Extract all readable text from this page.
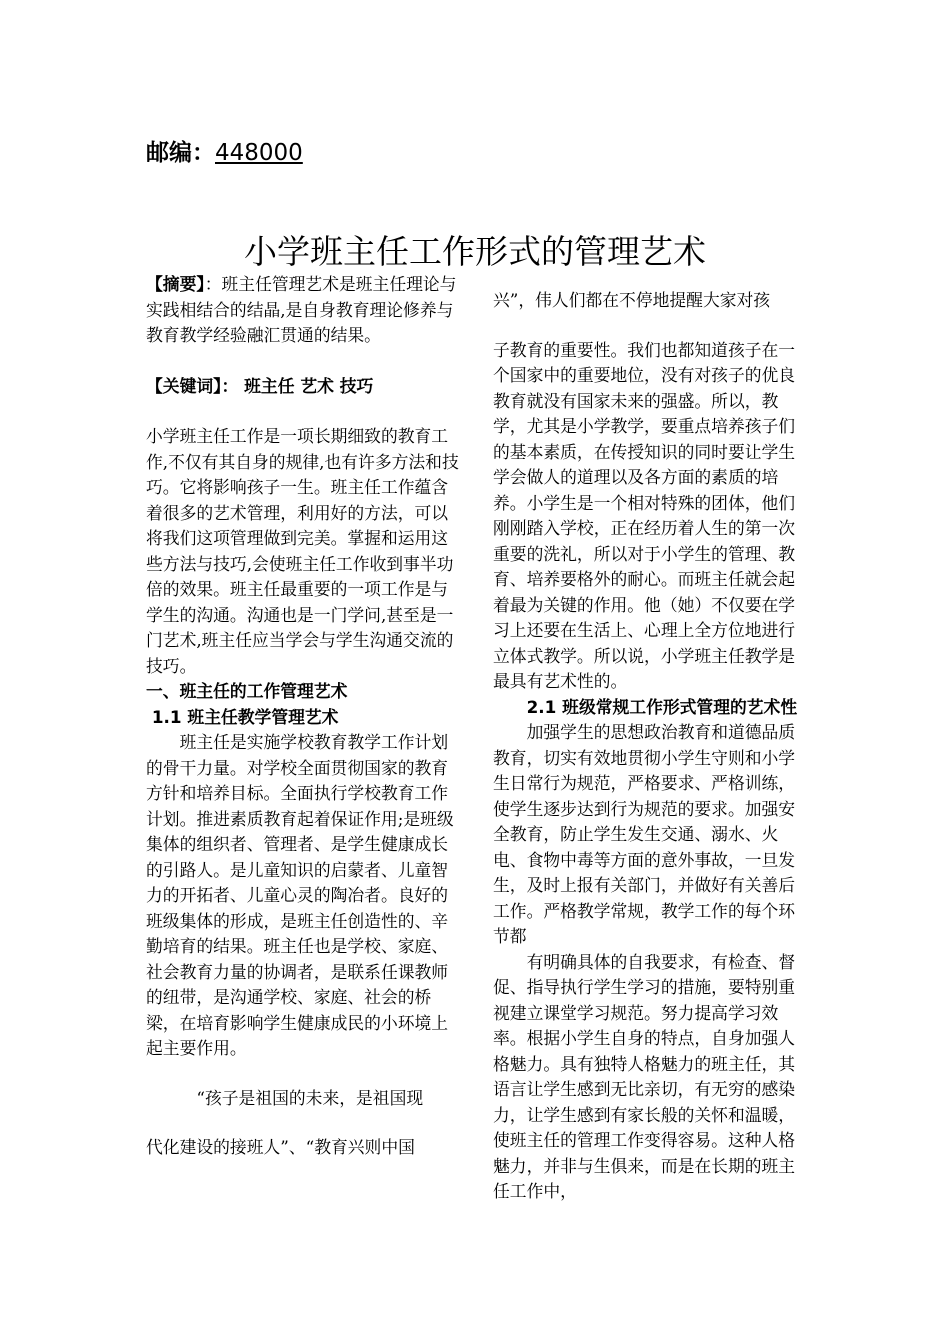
邮编：448000
小学班主任工作形式的管理艺术

【摘要】：班主任管理艺术是班主任理论与实践相结合的结晶,是自身教育理论修养与教育教学经验融汇贯通的结果。

【关键词】： 班主任 艺术 技巧

小学班主任工作是一项长期细致的教育工作,不仅有其自身的规律,也有许多方法和技巧。它将影响孩子一生。班主任工作蕴含着很多的艺术管理，利用好的方法，可以将我们这项管理做到完美。掌握和运用这些方法与技巧,会使班主任工作收到事半功倍的效果。班主任最重要的一项工作是与学生的沟通。沟通也是一门学问,甚至是一门艺术,班主任应当学会与学生沟通交流的技巧。

一、班主任的工作管理艺术

1.1 班主任教学管理艺术

班主任是实施学校教育教学工作计划的骨干力量。对学校全面贯彻国家的教育方针和培养目标。全面执行学校教育工作计划。推进素质教育起着保证作用;是班级集体的组织者、管理者、是学生健康成长的引路人。是儿童知识的启蒙者、儿童智力的开拓者、儿童心灵的陶冶者。良好的班级集体的形成，是班主任创造性的、辛勤培育的结果。班主任也是学校、家庭、社会教育力量的协调者，是联系任课教师的纽带，是沟通学校、家庭、社会的桥梁，在培育影响学生健康成民的小环境上起主要作用。

“孩子是祖国的未来，是祖国现

代化建设的接班人”、“教育兴则中国

兴”，伟人们都在不停地提醒大家对孩

子教育的重要性。我们也都知道孩子在一个国家中的重要地位，没有对孩子的优良教育就没有国家未来的强盛。所以，教学，尤其是小学教学，要重点培养孩子们的基本素质，在传授知识的同时要让学生学会做人的道理以及各方面的素质的培养。小学生是一个相对特殊的团体，他们刚刚踏入学校，正在经历着人生的第一次重要的洗礼，所以对于小学生的管理、教育、培养要格外的耐心。而班主任就会起着最为关键的作用。他（她）不仅要在学习上还要在生活上、心理上全方位地进行立体式教学。所以说，小学班主任教学是最具有艺术性的。

2.1 班级常规工作形式管理的艺术性

加强学生的思想政治教育和道德品质教育，切实有效地贯彻小学生守则和小学生日常行为规范，严格要求、严格训练，使学生逐步达到行为规范的要求。加强安全教育，防止学生发生交通、溺水、火电、食物中毒等方面的意外事故，一旦发生，及时上报有关部门，并做好有关善后工作。严格教学常规，教学工作的每个环节都

有明确具体的自我要求，有检查、督促、指导执行学生学习的措施，要特别重视建立课堂学习规范。努力提高学习效率。根据小学生自身的特点，自身加强人格魅力。具有独特人格魅力的班主任，其语言让学生感到无比亲切，有无穷的感染力，让学生感到有家长般的关怀和温暖，使班主任的管理工作变得容易。这种人格魅力，并非与生俱来，而是在长期的班主任工作中，
